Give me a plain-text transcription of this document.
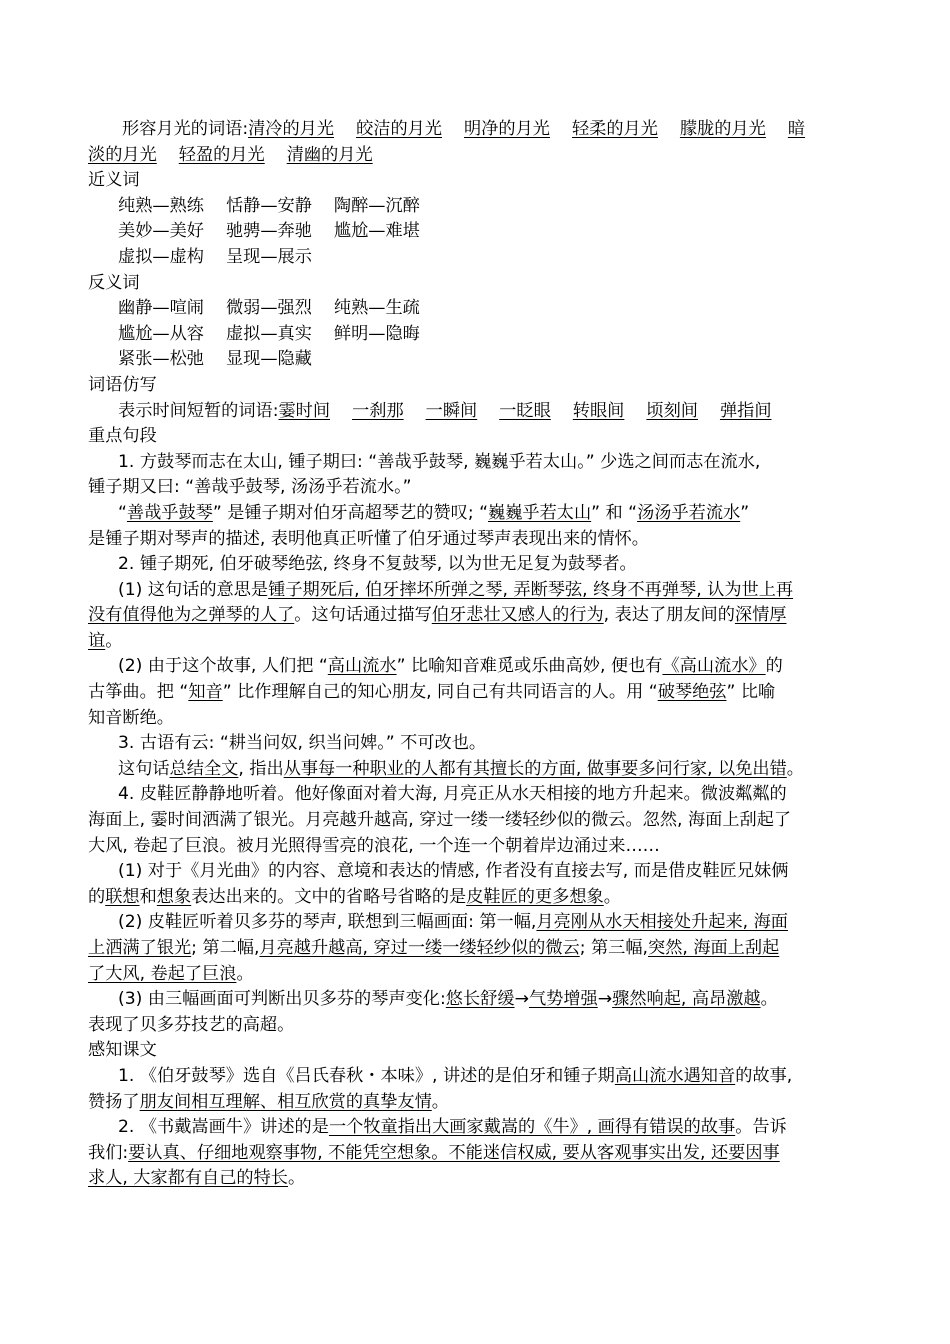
形容月光的词语:清冷的月光 皎洁的月光 明净的月光 轻柔的月光 朦胧的月光 暗
淡的月光 轻盈的月光 清幽的月光
近义词
纯熟—熟练 恬静—安静 陶醉—沉醉
美妙—美好 驰骋—奔驰 尴尬—难堪
虚拟—虚构 呈现—展示
反义词
幽静—喧闹 微弱—强烈 纯熟—生疏
尴尬—从容 虚拟—真实 鲜明—隐晦
紧张—松弛 显现—隐藏
词语仿写
表示时间短暂的词语:霎时间 一刹那 一瞬间 一眨眼 转眼间 顷刻间 弹指间
重点句段
1. 方鼓琴而志在太山, 锺子期曰: “善哉乎鼓琴, 巍巍乎若太山。” 少选之间而志在流水,
锺子期又曰: “善哉乎鼓琴, 汤汤乎若流水。”
“善哉乎鼓琴” 是锺子期对伯牙高超琴艺的赞叹; “巍巍乎若太山” 和 “汤汤乎若流水”
是锺子期对琴声的描述, 表明他真正听懂了伯牙通过琴声表现出来的情怀。
2. 锺子期死, 伯牙破琴绝弦, 终身不复鼓琴, 以为世无足复为鼓琴者。
(1) 这句话的意思是锺子期死后, 伯牙摔坏所弹之琴, 弄断琴弦, 终身不再弹琴, 认为世上再
没有值得他为之弹琴的人了。这句话通过描写伯牙悲壮又感人的行为, 表达了朋友间的深情厚
谊。
(2) 由于这个故事, 人们把 “高山流水” 比喻知音难觅或乐曲高妙, 便也有《高山流水》的
古筝曲。把 “知音” 比作理解自己的知心朋友, 同自己有共同语言的人。用 “破琴绝弦” 比喻
知音断绝。
3. 古语有云: “耕当问奴, 织当问婢。” 不可改也。
这句话总结全文, 指出从事每一种职业的人都有其擅长的方面, 做事要多问行家, 以免出错。
4. 皮鞋匠静静地听着。他好像面对着大海, 月亮正从水天相接的地方升起来。微波粼粼的
海面上, 霎时间洒满了银光。月亮越升越高, 穿过一缕一缕轻纱似的微云。忽然, 海面上刮起了
大风, 卷起了巨浪。被月光照得雪亮的浪花, 一个连一个朝着岸边涌过来……
(1) 对于《月光曲》的内容、意境和表达的情感, 作者没有直接去写, 而是借皮鞋匠兄妹俩
的联想和想象表达出来的。文中的省略号省略的是皮鞋匠的更多想象。
(2) 皮鞋匠听着贝多芬的琴声, 联想到三幅画面: 第一幅,月亮刚从水天相接处升起来, 海面
上洒满了银光; 第二幅,月亮越升越高, 穿过一缕一缕轻纱似的微云; 第三幅,突然, 海面上刮起
了大风, 卷起了巨浪。
(3) 由三幅画面可判断出贝多芬的琴声变化:悠长舒缓→气势增强→骤然响起, 高昂激越。
表现了贝多芬技艺的高超。
感知课文
1. 《伯牙鼓琴》选自《吕氏春秋・本味》, 讲述的是伯牙和锺子期高山流水遇知音的故事,
赞扬了朋友间相互理解、相互欣赏的真挚友情。
2. 《书戴嵩画牛》讲述的是一个牧童指出大画家戴嵩的《牛》, 画得有错误的故事。告诉
我们:要认真、仔细地观察事物, 不能凭空想象。不能迷信权威, 要从客观事实出发, 还要因事
求人, 大家都有自己的特长。
